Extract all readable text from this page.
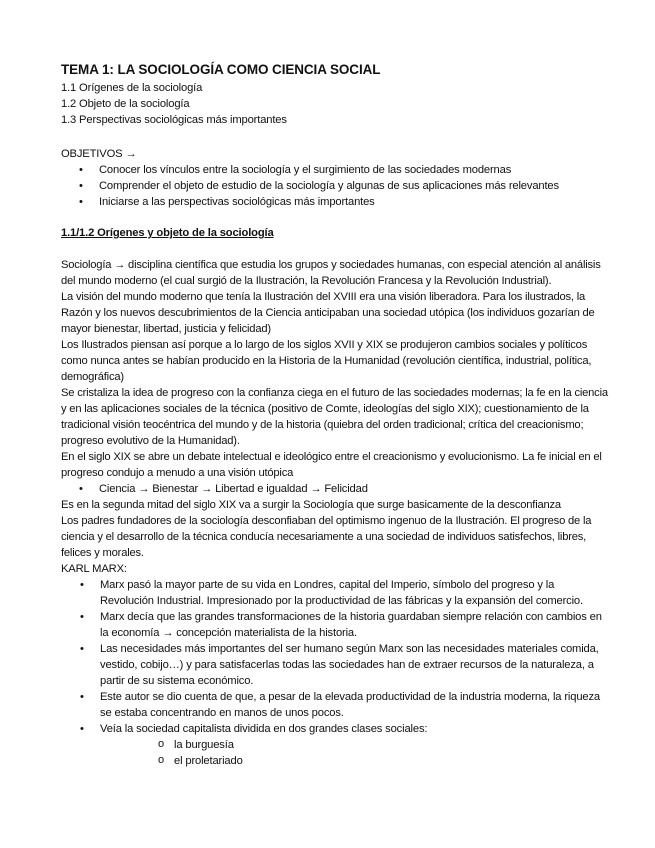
TEMA 1: LA SOCIOLOGÍA COMO CIENCIA SOCIAL

1.1 Orígenes de la sociología

1.2 Objeto de la sociología

1.3 Perspectivas sociológicas más importantes

OBJETIVOS →

• Conocer los vínculos entre la sociología y el surgimiento de las sociedades modernas
• Comprender el objeto de estudio de la sociología y algunas de sus aplicaciones más relevantes
• Iniciarse a las perspectivas sociológicas más importantes

1.1/1.2 Orígenes y objeto de la sociología

Sociología → disciplina científica que estudia los grupos y sociedades humanas, con especial atención al análisis del mundo moderno (el cual surgió de la Ilustración, la Revolución Francesa y la Revolución Industrial).

La visión del mundo moderno que tenía la Ilustración del XVIII era una visión liberadora. Para los ilustrados, la Razón y los nuevos descubrimientos de la Ciencia anticipaban una sociedad utópica (los individuos gozarían de mayor bienestar, libertad, justicia y felicidad)

Los Ilustrados piensan así porque a lo largo de los siglos XVII y XIX se produjeron cambios sociales y políticos como nunca antes se habían producido en la Historia de la Humanidad (revolución científica, industrial, política, demográfica)

Se cristaliza la idea de progreso con la confianza ciega en el futuro de las sociedades modernas; la fe en la ciencia y en las aplicaciones sociales de la técnica (positivo de Comte, ideologías del siglo XIX); cuestionamiento de la tradicional visión teocéntrica del mundo y de la historia (quiebra del orden tradicional; crítica del creacionismo; progreso evolutivo de la Humanidad).

En el siglo XIX se abre un debate intelectual e ideológico entre el creacionismo y evolucionismo. La fe inicial en el progreso condujo a menudo a una visión utópica

• Ciencia → Bienestar → Libertad e igualdad → Felicidad

Es en la segunda mitad del siglo XIX va a surgir la Sociología que surge basicamente de la desconfianza

Los padres fundadores de la sociología desconfiaban del optimismo ingenuo de la Ilustración. El progreso de la ciencia y el desarrollo de la técnica conducía necesariamente a una sociedad de individuos satisfechos, libres, felices y morales.

KARL MARX:

• Marx pasó la mayor parte de su vida en Londres, capital del Imperio, símbolo del progreso y la Revolución Industrial. Impresionado por la productividad de las fábricas y la expansión del comercio.
• Marx decía que las grandes transformaciones de la historia guardaban siempre relación con cambios en la economía → concepción materialista de la historia.
• Las necesidades más importantes del ser humano según Marx son las necesidades materiales comida, vestido, cobijo…) y para satisfacerlas todas las sociedades han de extraer recursos de la naturaleza, a partir de su sistema económico.
• Este autor se dio cuenta de que, a pesar de la elevada productividad de la industria moderna, la riqueza se estaba concentrando en manos de unos pocos.
• Veía la sociedad capitalista dividida en dos grandes clases sociales:
o la burguesía
o el proletariado
